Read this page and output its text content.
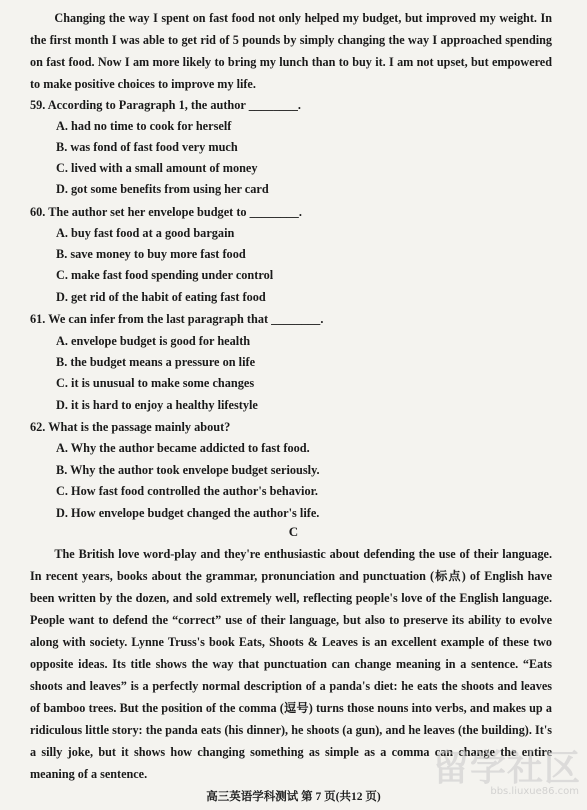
Changing the way I spent on fast food not only helped my budget, but improved my weight. In the first month I was able to get rid of 5 pounds by simply changing the way I approached spending on fast food. Now I am more likely to bring my lunch than to buy it. I am not upset, but empowered to make positive choices to improve my life.

59. According to Paragraph 1, the author ________.
A. had no time to cook for herself
B. was fond of fast food very much
C. lived with a small amount of money
D. got some benefits from using her card
60. The author set her envelope budget to ________.
A. buy fast food at a good bargain
B. save money to buy more fast food
C. make fast food spending under control
D. get rid of the habit of eating fast food
61. We can infer from the last paragraph that ________.
A. envelope budget is good for health
B. the budget means a pressure on life
C. it is unusual to make some changes
D. it is hard to enjoy a healthy lifestyle
62. What is the passage mainly about?
A. Why the author became addicted to fast food.
B. Why the author took envelope budget seriously.
C. How fast food controlled the author's behavior.
D. How envelope budget changed the author's life.
C

The British love word-play and they're enthusiastic about defending the use of their language. In recent years, books about the grammar, pronunciation and punctuation (标点) of English have been written by the dozen, and sold extremely well, reflecting people's love of the English language. People want to defend the “correct” use of their language, but also to preserve its ability to evolve along with society. Lynne Truss's book Eats, Shoots & Leaves is an excellent example of these two opposite ideas. Its title shows the way that punctuation can change meaning in a sentence. “Eats shoots and leaves” is a perfectly normal description of a panda's diet: he eats the shoots and leaves of bamboo trees. But the position of the comma (逗号) turns those nouns into verbs, and makes up a ridiculous little story: the panda eats (his dinner), he shoots (a gun), and he leaves (the building). It's a silly joke, but it shows how changing something as simple as a comma can change the entire meaning of a sentence.

高三英语学科测试 第 7 页(共12 页)
留学社区
bbs.liuxue86.com
